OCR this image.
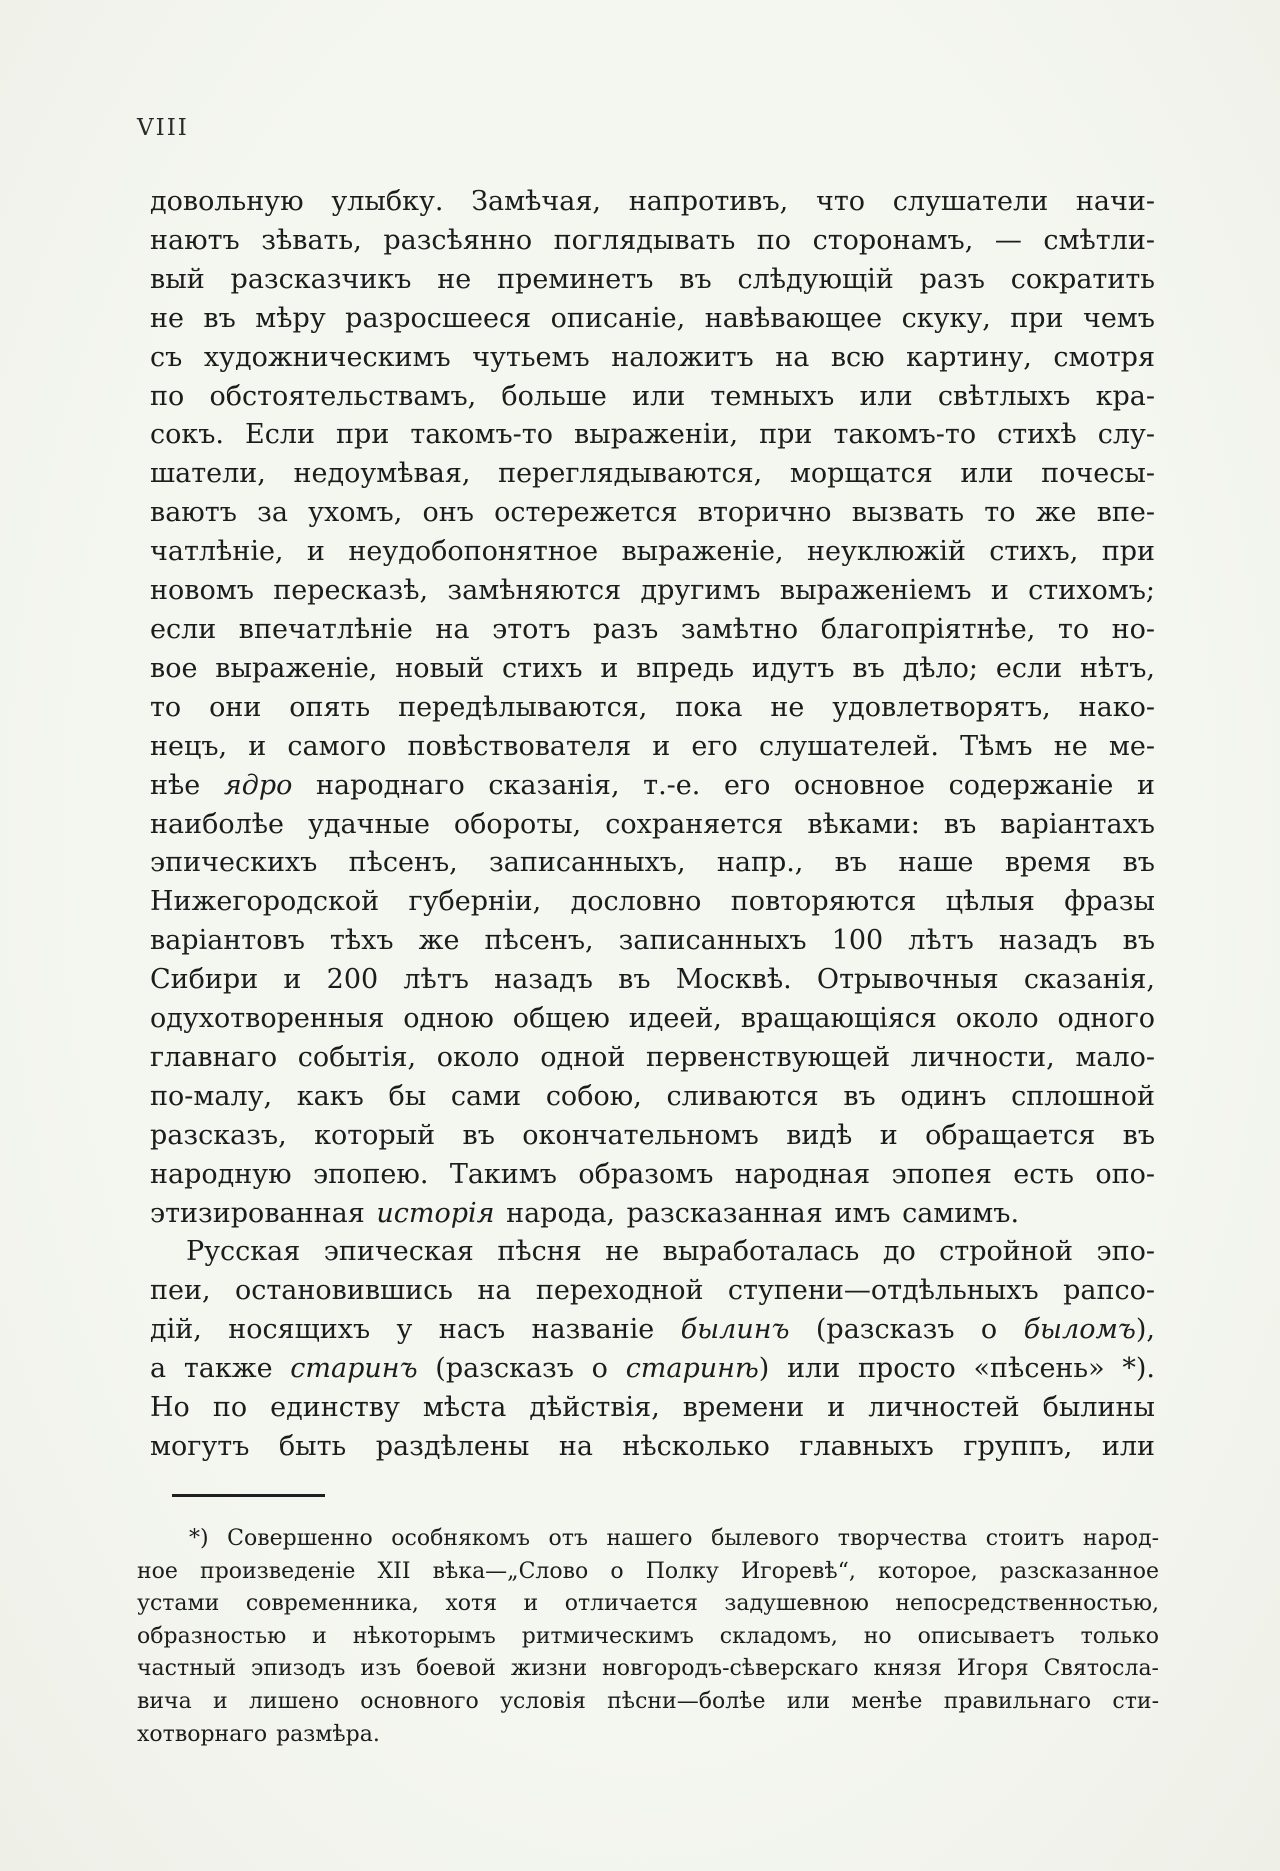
VIII
довольную улыбку. Замѣчая, напротивъ, что слушатели начи-
наютъ зѣвать, разсѣянно поглядывать по сторонамъ, — смѣтли-
вый разсказчикъ не преминетъ въ слѣдующій разъ сократить
не въ мѣру разросшееся описаніе, навѣвающее скуку, при чемъ
съ художническимъ чутьемъ наложитъ на всю картину, смотря
по обстоятельствамъ, больше или темныхъ или свѣтлыхъ кра-
сокъ. Если при такомъ-то выраженіи, при такомъ-то стихѣ слу-
шатели, недоумѣвая, переглядываются, морщатся или почесы-
ваютъ за ухомъ, онъ остережется вторично вызвать то же впе-
чатлѣніе, и неудобопонятное выраженіе, неуклюжій стихъ, при
новомъ пересказѣ, замѣняются другимъ выраженіемъ и стихомъ;
если впечатлѣніе на этотъ разъ замѣтно благопріятнѣе, то но-
вое выраженіе, новый стихъ и впредь идутъ въ дѣло; если нѣтъ,
то они опять передѣлываются, пока не удовлетворятъ, нако-
нецъ, и самого повѣствователя и его слушателей. Тѣмъ не ме-
нѣе ядро народнаго сказанія, т.-е. его основное содержаніе и
наиболѣе удачные обороты, сохраняется вѣками: въ варіантахъ
эпическихъ пѣсенъ, записанныхъ, напр., въ наше время въ
Нижегородской губерніи, дословно повторяются цѣлыя фразы
варіантовъ тѣхъ же пѣсенъ, записанныхъ 100 лѣтъ назадъ въ
Сибири и 200 лѣтъ назадъ въ Москвѣ. Отрывочныя сказанія,
одухотворенныя одною общею идеей, вращающіяся около одного
главнаго событія, около одной первенствующей личности, мало-
по-малу, какъ бы сами собою, сливаются въ одинъ сплошной
разсказъ, который въ окончательномъ видѣ и обращается въ
народную эпопею. Такимъ образомъ народная эпопея есть опо-
этизированная исторія народа, разсказанная имъ самимъ.
Русская эпическая пѣсня не выработалась до стройной эпо-
пеи, остановившись на переходной ступени—отдѣльныхъ рапсо-
дій, носящихъ у насъ названіе былинъ (разсказъ о быломъ),
а также старинъ (разсказъ о старинѣ) или просто «пѣсень» *).
Но по единству мѣста дѣйствія, времени и личностей былины
могутъ быть раздѣлены на нѣсколько главныхъ группъ, или
*) Совершенно особнякомъ отъ нашего былевого творчества стоитъ народ-
ное произведеніе XII вѣка—„Слово о Полку Игоревѣ“, которое, разсказанное
устами современника, хотя и отличается задушевною непосредственностью,
образностью и нѣкоторымъ ритмическимъ складомъ, но описываетъ только
частный эпизодъ изъ боевой жизни новгородъ-сѣверскаго князя Игоря Святосла-
вича и лишено основного условія пѣсни—болѣе или менѣе правильнаго сти-
хотворнаго размѣра.
